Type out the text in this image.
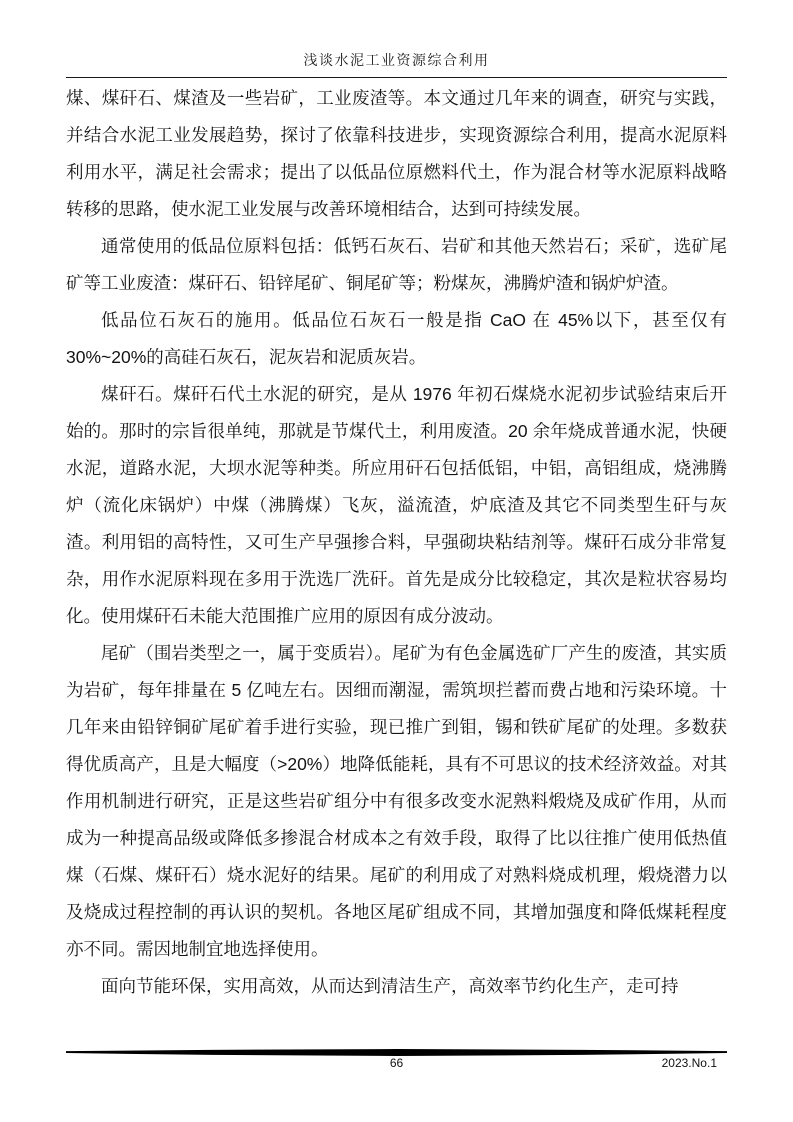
浅谈水泥工业资源综合利用

煤、煤矸石、煤渣及一些岩矿，工业废渣等。本文通过几年来的调查，研究与实践，并结合水泥工业发展趋势，探讨了依靠科技进步，实现资源综合利用，提高水泥原料利用水平，满足社会需求；提出了以低品位原燃料代土，作为混合材等水泥原料战略转移的思路，使水泥工业发展与改善环境相结合，达到可持续发展。

通常使用的低品位原料包括：低钙石灰石、岩矿和其他天然岩石；采矿，选矿尾矿等工业废渣：煤矸石、铅锌尾矿、铜尾矿等；粉煤灰，沸腾炉渣和锅炉炉渣。

低品位石灰石的施用。低品位石灰石一般是指 CaO 在 45%以下，甚至仅有30%~20%的高硅石灰石，泥灰岩和泥质灰岩。

煤矸石。煤矸石代土水泥的研究，是从 1976 年初石煤烧水泥初步试验结束后开始的。那时的宗旨很单纯，那就是节煤代土，利用废渣。20 余年烧成普通水泥，快硬水泥，道路水泥，大坝水泥等种类。所应用矸石包括低铝，中铝，高铝组成，烧沸腾炉（流化床锅炉）中煤（沸腾煤）飞灰，溢流渣，炉底渣及其它不同类型生矸与灰渣。利用铝的高特性，又可生产早强掺合料，早强砌块粘结剂等。煤矸石成分非常复杂，用作水泥原料现在多用于洗选厂洗矸。首先是成分比较稳定，其次是粒状容易均化。使用煤矸石未能大范围推广应用的原因有成分波动。

尾矿（围岩类型之一，属于变质岩）。尾矿为有色金属选矿厂产生的废渣，其实质为岩矿，每年排量在 5 亿吨左右。因细而潮湿，需筑坝拦蓄而费占地和污染环境。十几年来由铅锌铜矿尾矿着手进行实验，现已推广到钼，锡和铁矿尾矿的处理。多数获得优质高产，且是大幅度（>20%）地降低能耗，具有不可思议的技术经济效益。对其作用机制进行研究，正是这些岩矿组分中有很多改变水泥熟料煅烧及成矿作用，从而成为一种提高品级或降低多掺混合材成本之有效手段，取得了比以往推广使用低热值煤（石煤、煤矸石）烧水泥好的结果。尾矿的利用成了对熟料烧成机理，煅烧潜力以及烧成过程控制的再认识的契机。各地区尾矿组成不同，其增加强度和降低煤耗程度亦不同。需因地制宜地选择使用。

面向节能环保，实用高效，从而达到清洁生产，高效率节约化生产，走可持

66	2023.No.1
